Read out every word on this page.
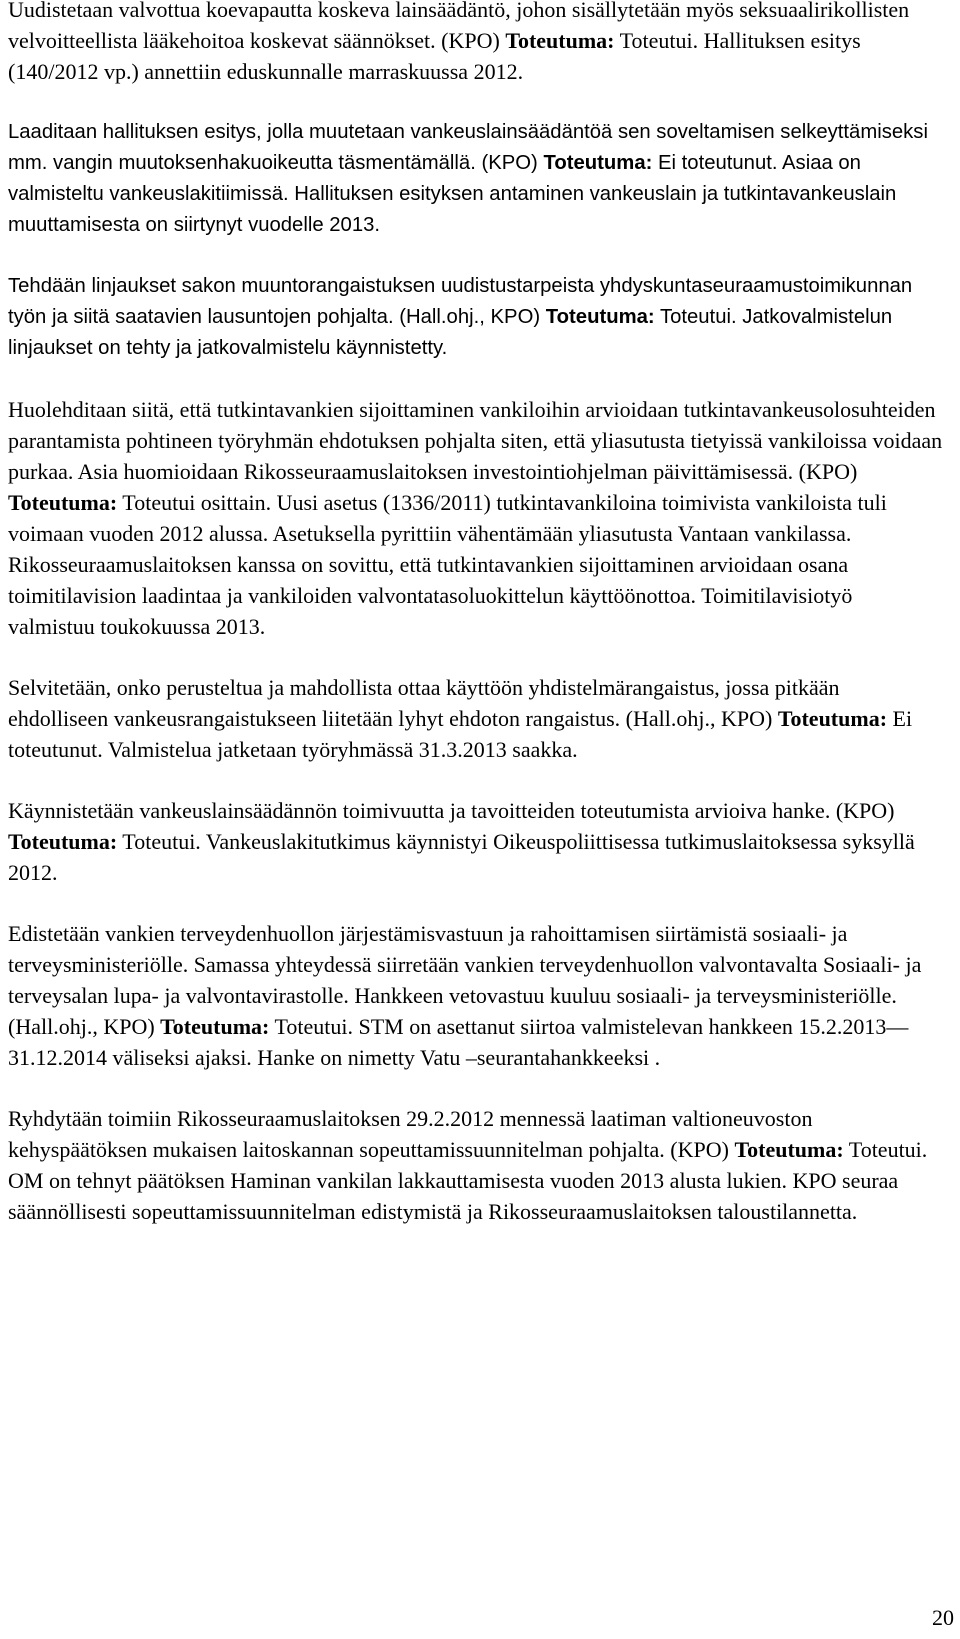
Uudistetaan valvottua koevapautta koskeva lainsäädäntö, johon sisällytetään myös seksuaalirikollisten velvoitteellista lääkehoitoa koskevat säännökset. (KPO) Toteutuma: Toteutui. Hallituksen esitys (140/2012 vp.) annettiin eduskunnalle marraskuussa 2012.

Laaditaan hallituksen esitys, jolla muutetaan vankeuslainsäädäntöä sen soveltamisen selkeyttämiseksi mm. vangin muutoksenhakuoikeutta täsmentämällä. (KPO) Toteutuma: Ei toteutunut. Asiaa on valmisteltu vankeuslakitiimissä. Hallituksen esityksen antaminen vankeuslain ja tutkintavankeuslain muuttamisesta on siirtynyt vuodelle 2013.

Tehdään linjaukset sakon muuntorangaistuksen uudistustarpeista yhdyskuntaseuraamustoimikunnan työn ja siitä saatavien lausuntojen pohjalta. (Hall.ohj., KPO) Toteutuma: Toteutui. Jatkovalmistelun linjaukset on tehty ja jatkovalmistelu käynnistetty.

Huolehditaan siitä, että tutkintavankien sijoittaminen vankiloihin arvioidaan tutkintavankeusolosuhteiden parantamista pohtineen työryhmän ehdotuksen pohjalta siten, että yliasutusta tietyissä vankiloissa voidaan purkaa. Asia huomioidaan Rikosseuraamuslaitoksen investointiohjelman päivittämisessä. (KPO) Toteutuma: Toteutui osittain. Uusi asetus (1336/2011) tutkintavankiloina toimivista vankiloista tuli voimaan vuoden 2012 alussa. Asetuksella pyrittiin vähentämään yliasutusta Vantaan vankilassa. Rikosseuraamuslaitoksen kanssa on sovittu, että tutkintavankien sijoittaminen arvioidaan osana toimitilavision laadintaa ja vankiloiden valvontatasoluokittelun käyttöönottoa. Toimitilavisiotyö valmistuu toukokuussa 2013.

Selvitetään, onko perusteltua ja mahdollista ottaa käyttöön yhdistelmärangaistus, jossa pitkään ehdolliseen vankeusrangaistukseen liitetään lyhyt ehdoton rangaistus. (Hall.ohj., KPO) Toteutuma: Ei toteutunut. Valmistelua jatketaan työryhmässä 31.3.2013 saakka.

Käynnistetään vankeuslainsäädännön toimivuutta ja tavoitteiden toteutumista arvioiva hanke. (KPO) Toteutuma: Toteutui. Vankeuslakitutkimus käynnistyi Oikeuspoliittisessa tutkimuslaitoksessa syksyllä 2012.

Edistetään vankien terveydenhuollon järjestämisvastuun ja rahoittamisen siirtämistä sosiaali- ja terveysministeriölle. Samassa yhteydessä siirretään vankien terveydenhuollon valvontavalta Sosiaali- ja terveysalan lupa- ja valvontavirastolle. Hankkeen vetovastuu kuuluu sosiaali- ja terveysministeriölle. (Hall.ohj., KPO) Toteutuma: Toteutui. STM on asettanut siirtoa valmistelevan hankkeen 15.2.2013—31.12.2014 väliseksi ajaksi. Hanke on nimetty Vatu –seurantahankkeeksi .

Ryhdytään toimiin Rikosseuraamuslaitoksen 29.2.2012 mennessä laatiman valtioneuvoston kehyspäätöksen mukaisen laitoskannan sopeuttamissuunnitelman pohjalta. (KPO) Toteutuma: Toteutui. OM on tehnyt päätöksen Haminan vankilan lakkauttamisesta vuoden 2013 alusta lukien. KPO seuraa säännöllisesti sopeuttamissuunnitelman edistymistä ja Rikosseuraamuslaitoksen taloustilannetta.

20
